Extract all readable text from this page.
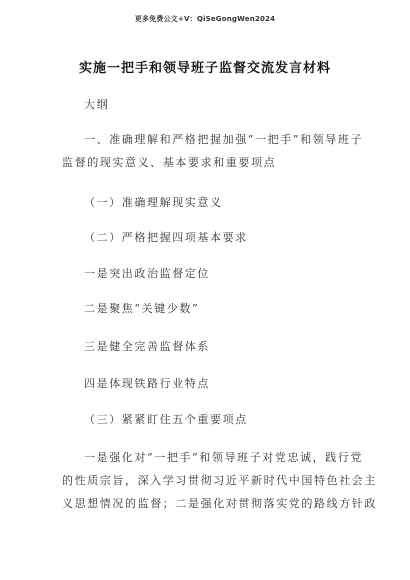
更多免费公文+V：QiSeGongWen2024
实施一把手和领导班子监督交流发言材料
大纲
一、准确理解和严格把握加强“一把手”和领导班子
监督的现实意义、基本要求和重要项点
（一）准确理解现实意义
（二）严格把握四项基本要求
一是突出政治监督定位
二是聚焦“关键少数”
三是健全完善监督体系
四是体现铁路行业特点
（三）紧紧盯住五个重要项点
一是强化对“一把手”和领导班子对党忠诚，践行党
的性质宗旨，深入学习贯彻习近平新时代中国特色社会主
义思想情况的监督；二是强化对贯彻落实党的路线方针政
